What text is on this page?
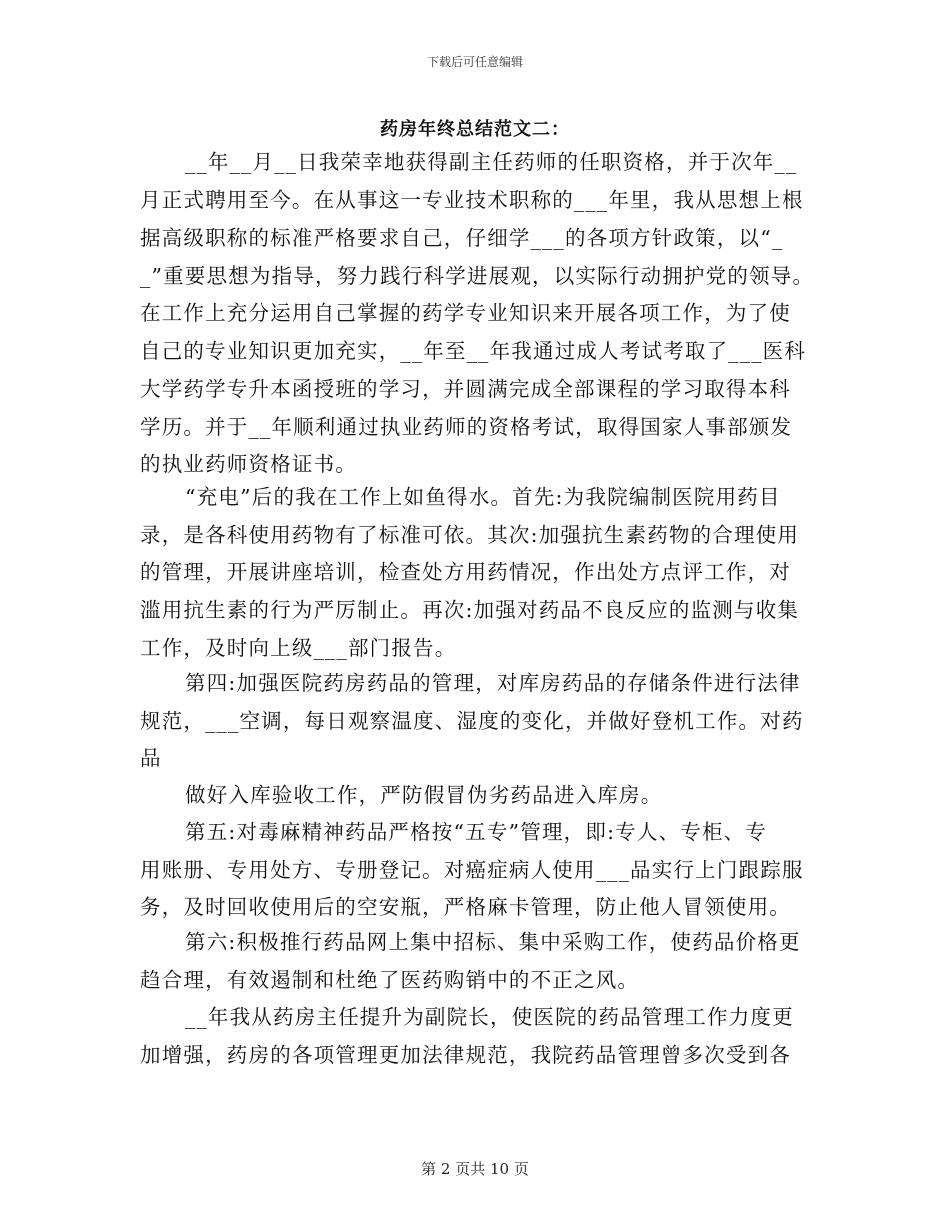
下载后可任意编辑
药房年终总结范文二：
__年__月__日我荣幸地获得副主任药师的任职资格，并于次年__
月正式聘用至今。在从事这一专业技术职称的___年里，我从思想上根
据高级职称的标准严格要求自己，仔细学___的各项方针政策，以“_
_”重要思想为指导，努力践行科学进展观，以实际行动拥护党的领导。
在工作上充分运用自己掌握的药学专业知识来开展各项工作，为了使
自己的专业知识更加充实，__年至__年我通过成人考试考取了___医科
大学药学专升本函授班的学习，并圆满完成全部课程的学习取得本科
学历。并于__年顺利通过执业药师的资格考试，取得国家人事部颁发
的执业药师资格证书。
“充电”后的我在工作上如鱼得水。首先:为我院编制医院用药目
录，是各科使用药物有了标准可依。其次:加强抗生素药物的合理使用
的管理，开展讲座培训，检查处方用药情况，作出处方点评工作，对
滥用抗生素的行为严厉制止。再次:加强对药品不良反应的监测与收集
工作，及时向上级___部门报告。
第四:加强医院药房药品的管理，对库房药品的存储条件进行法律
规范，___空调，每日观察温度、湿度的变化，并做好登机工作。对药
品
做好入库验收工作，严防假冒伪劣药品进入库房。
第五:对毒麻精神药品严格按“五专”管理，即:专人、专柜、专
用账册、专用处方、专册登记。对癌症病人使用___品实行上门跟踪服
务，及时回收使用后的空安瓶，严格麻卡管理，防止他人冒领使用。
第六:积极推行药品网上集中招标、集中采购工作，使药品价格更
趋合理，有效遏制和杜绝了医药购销中的不正之风。
__年我从药房主任提升为副院长，使医院的药品管理工作力度更
加增强，药房的各项管理更加法律规范，我院药品管理曾多次受到各
第 2 页共 10 页
